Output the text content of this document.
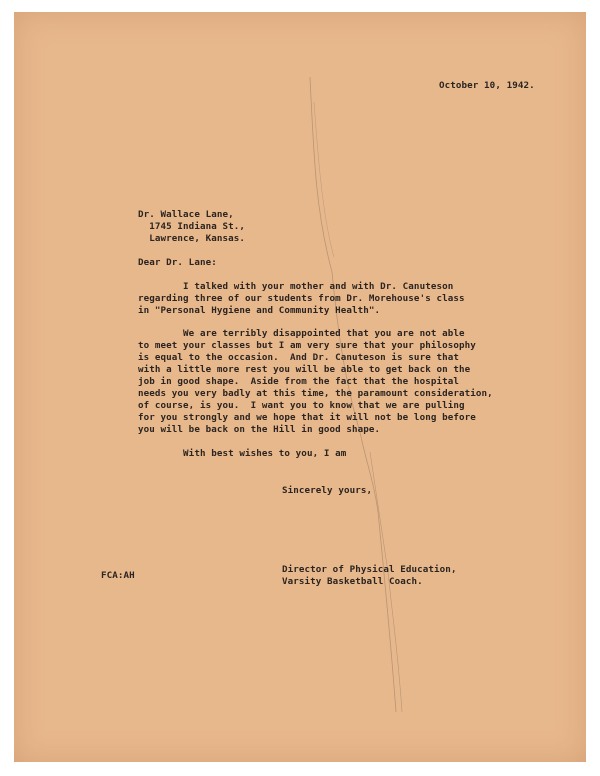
October 10, 1942.
Dr. Wallace Lane,
1745 Indiana St.,
Lawrence, Kansas.
Dear Dr. Lane:
I talked with your mother and with Dr. Canuteson
regarding three of our students from Dr. Morehouse's class
in "Personal Hygiene and Community Health".
We are terribly disappointed that you are not able
to meet your classes but I am very sure that your philosophy
is equal to the occasion.  And Dr. Canuteson is sure that
with a little more rest you will be able to get back on the
job in good shape.  Aside from the fact that the hospital
needs you very badly at this time, the paramount consideration,
of course, is you.  I want you to know that we are pulling
for you strongly and we hope that it will not be long before
you will be back on the Hill in good shape.
With best wishes to you, I am
Sincerely yours,
Director of Physical Education,
Varsity Basketball Coach.
FCA:AH
